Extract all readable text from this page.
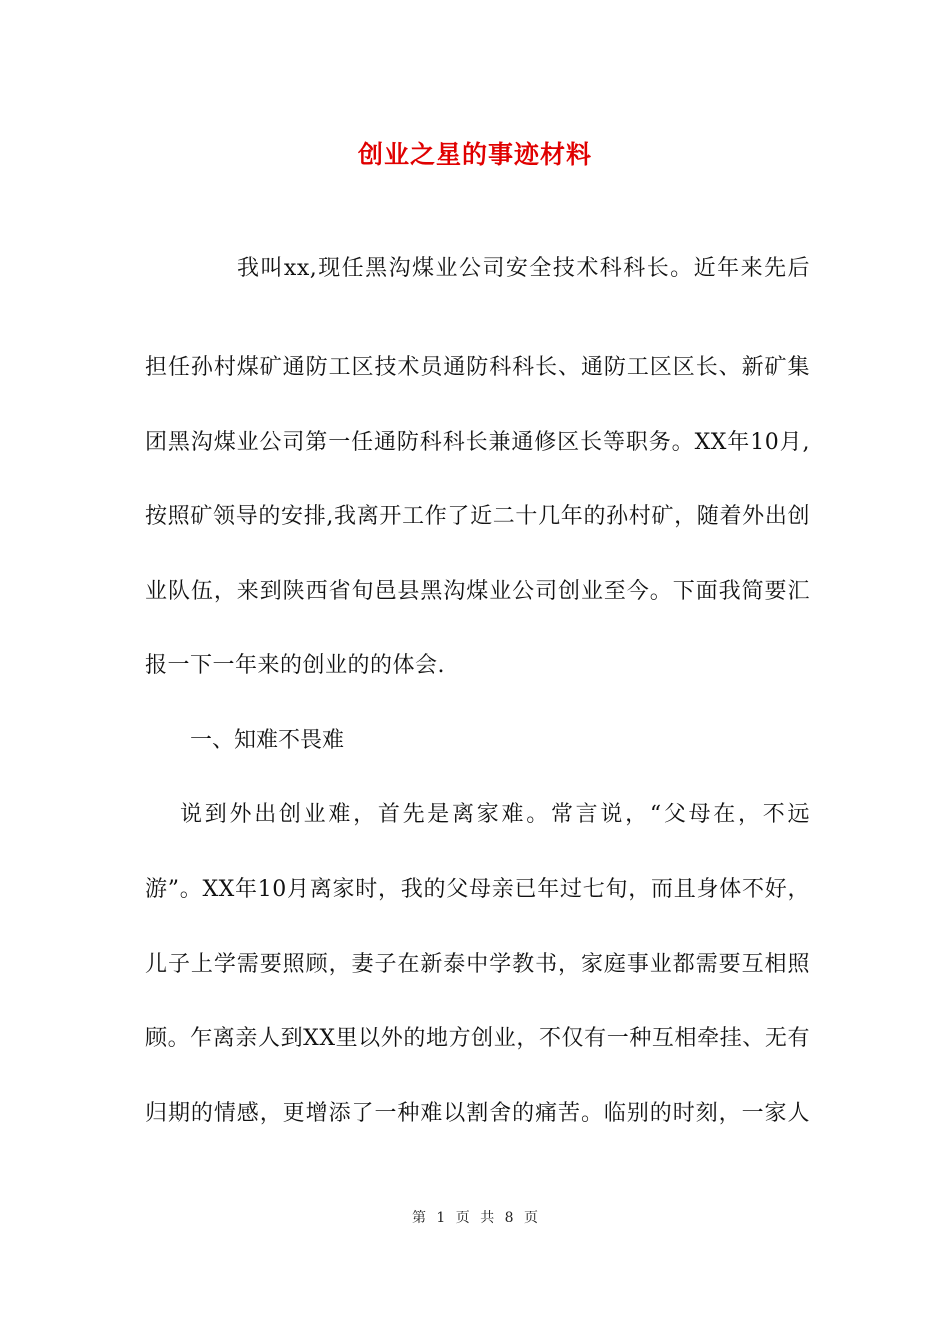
创业之星的事迹材料
我叫xx,现任黑沟煤业公司安全技术科科长。近年来先后
担任孙村煤矿通防工区技术员通防科科长、通防工区区长、新矿集
团黑沟煤业公司第一任通防科科长兼通修区长等职务。XX年10月,
按照矿领导的安排,我离开工作了近二十几年的孙村矿，随着外出创
业队伍，来到陕西省旬邑县黑沟煤业公司创业至今。下面我简要汇
报一下一年来的创业的的体会.
一、知难不畏难
说到外出创业难，首先是离家难。常言说，“父母在，不远
游”。XX年10月离家时，我的父母亲已年过七旬，而且身体不好，
儿子上学需要照顾，妻子在新泰中学教书，家庭事业都需要互相照
顾。乍离亲人到XX里以外的地方创业，不仅有一种互相牵挂、无有
归期的情感，更增添了一种难以割舍的痛苦。临别的时刻，一家人
第 1 页 共 8 页
